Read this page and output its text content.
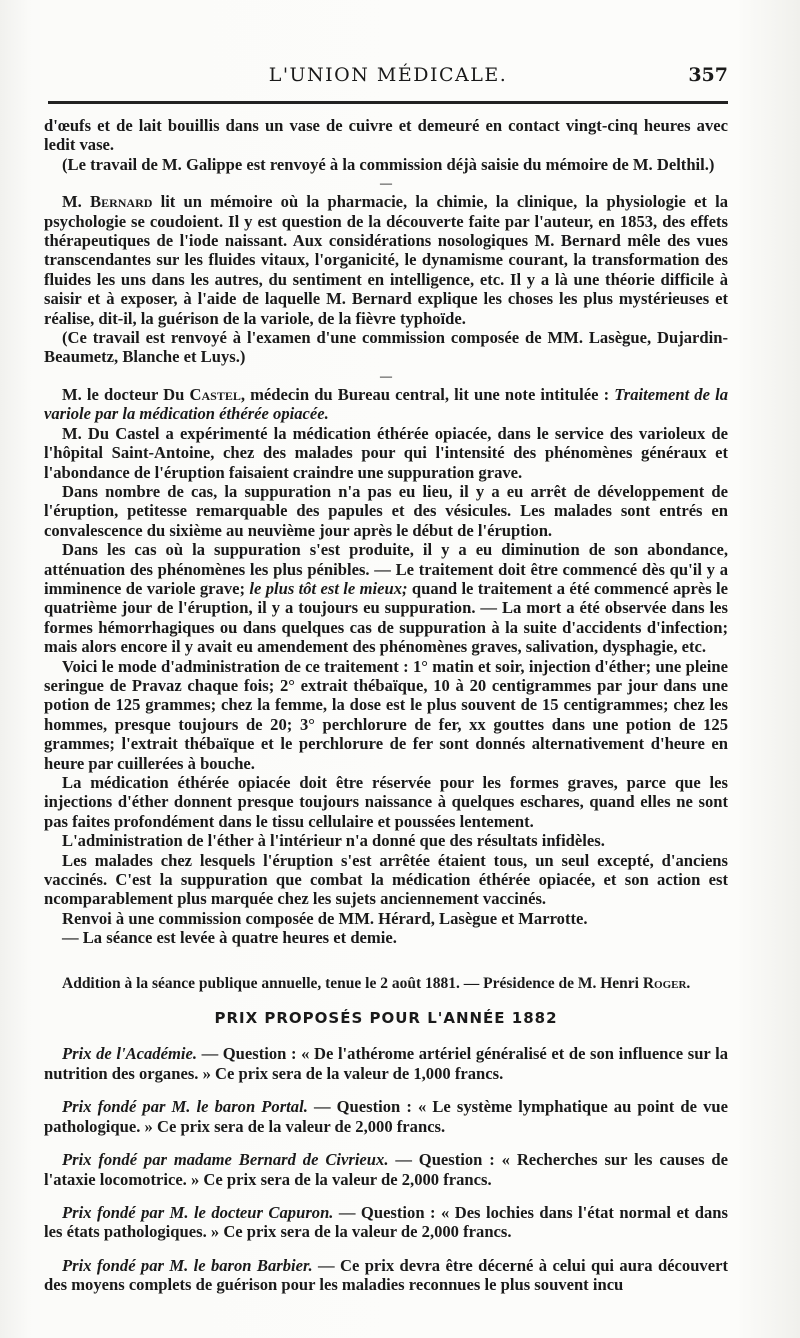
L'UNION MÉDICALE.	357

d'œufs et de lait bouillis dans un vase de cuivre et demeuré en contact vingt-cinq heures avec ledit vase.

(Le travail de M. Galippe est renvoyé à la commission déjà saisie du mémoire de M. Delthil.)

—

M. Bernard lit un mémoire où la pharmacie, la chimie, la clinique, la physiologie et la psychologie se coudoient. Il y est question de la découverte faite par l'auteur, en 1853, des effets thérapeutiques de l'iode naissant. Aux considérations nosologiques M. Bernard mêle des vues transcendantes sur les fluides vitaux, l'organicité, le dynamisme courant, la transformation des fluides les uns dans les autres, du sentiment en intelligence, etc. Il y a là une théorie difficile à saisir et à exposer, à l'aide de laquelle M. Bernard explique les choses les plus mystérieuses et réalise, dit-il, la guérison de la variole, de la fièvre typhoïde.

(Ce travail est renvoyé à l'examen d'une commission composée de MM. Lasègue, Dujardin-Beaumetz, Blanche et Luys.)

—

M. le docteur Du Castel, médecin du Bureau central, lit une note intitulée : Traitement de la variole par la médication éthérée opiacée.

M. Du Castel a expérimenté la médication éthérée opiacée, dans le service des varioleux de l'hôpital Saint-Antoine, chez des malades pour qui l'intensité des phénomènes généraux et l'abondance de l'éruption faisaient craindre une suppuration grave.

Dans nombre de cas, la suppuration n'a pas eu lieu, il y a eu arrêt de développement de l'éruption, petitesse remarquable des papules et des vésicules. Les malades sont entrés en convalescence du sixième au neuvième jour après le début de l'éruption.

Dans les cas où la suppuration s'est produite, il y a eu diminution de son abondance, atténuation des phénomènes les plus pénibles. — Le traitement doit être commencé dès qu'il y a imminence de variole grave; le plus tôt est le mieux; quand le traitement a été commencé après le quatrième jour de l'éruption, il y a toujours eu suppuration. — La mort a été observée dans les formes hémorrhagiques ou dans quelques cas de suppuration à la suite d'accidents d'infection; mais alors encore il y avait eu amendement des phénomènes graves, salivation, dysphagie, etc.

Voici le mode d'administration de ce traitement : 1° matin et soir, injection d'éther; une pleine seringue de Pravaz chaque fois; 2° extrait thébaïque, 10 à 20 centigrammes par jour dans une potion de 125 grammes; chez la femme, la dose est le plus souvent de 15 centigrammes; chez les hommes, presque toujours de 20; 3° perchlorure de fer, xx gouttes dans une potion de 125 grammes; l'extrait thébaïque et le perchlorure de fer sont donnés alternativement d'heure en heure par cuillerées à bouche.

La médication éthérée opiacée doit être réservée pour les formes graves, parce que les injections d'éther donnent presque toujours naissance à quelques eschares, quand elles ne sont pas faites profondément dans le tissu cellulaire et poussées lentement.

L'administration de l'éther à l'intérieur n'a donné que des résultats infidèles.

Les malades chez lesquels l'éruption s'est arrêtée étaient tous, un seul excepté, d'anciens vaccinés. C'est la suppuration que combat la médication éthérée opiacée, et son action est ncomparablement plus marquée chez les sujets anciennement vaccinés.

Renvoi à une commission composée de MM. Hérard, Lasègue et Marrotte.

— La séance est levée à quatre heures et demie.

Addition à la séance publique annuelle, tenue le 2 août 1881. — Présidence de M. Henri Roger.

PRIX PROPOSÉS POUR L'ANNÉE 1882

Prix de l'Académie. — Question : « De l'athérome artériel généralisé et de son influence sur la nutrition des organes. » Ce prix sera de la valeur de 1,000 francs.

Prix fondé par M. le baron Portal. — Question : « Le système lymphatique au point de vue pathologique. » Ce prix sera de la valeur de 2,000 francs.

Prix fondé par madame Bernard de Civrieux. — Question : « Recherches sur les causes de l'ataxie locomotrice. » Ce prix sera de la valeur de 2,000 francs.

Prix fondé par M. le docteur Capuron. — Question : « Des lochies dans l'état normal et dans les états pathologiques. » Ce prix sera de la valeur de 2,000 francs.

Prix fondé par M. le baron Barbier. — Ce prix devra être décerné à celui qui aura découvert des moyens complets de guérison pour les maladies reconnues le plus souvent incu
